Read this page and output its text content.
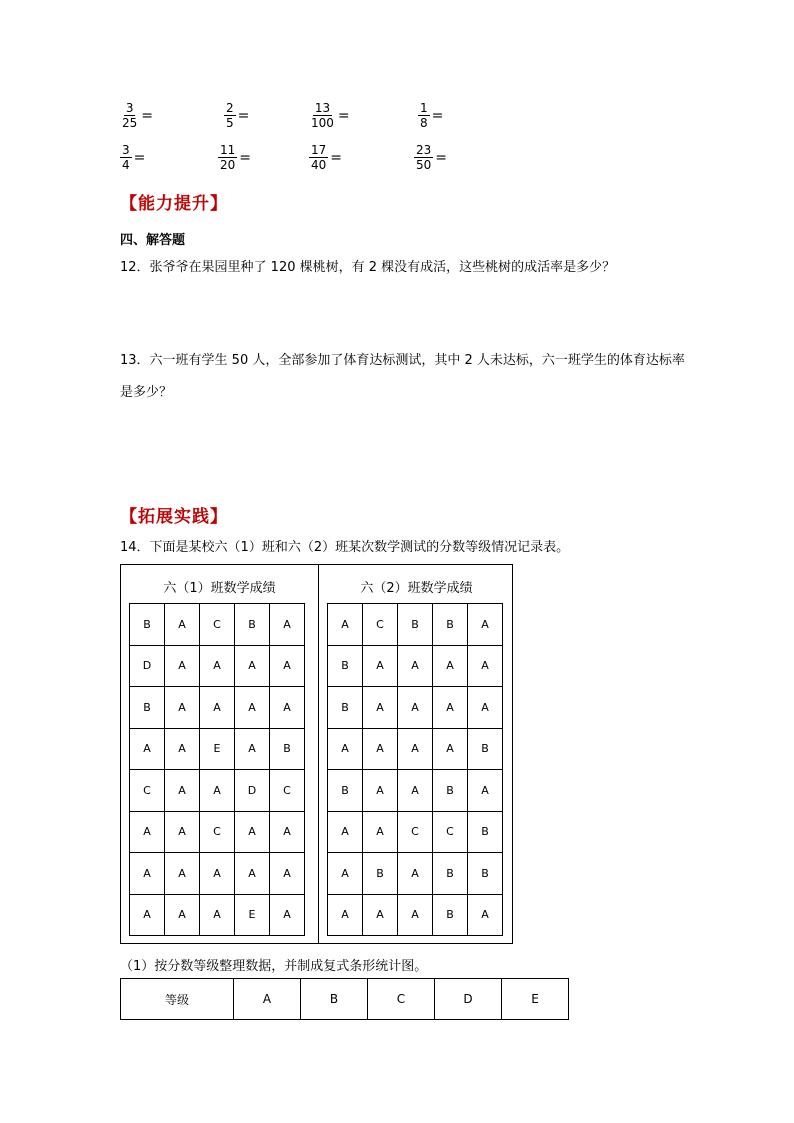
$\frac{3}{25}$ =	$\frac{2}{5}$ =	$\frac{13}{100}$ =	$\frac{1}{8}$ =
$\frac{3}{4}$ =	$\frac{11}{20}$ =	$\frac{17}{40}$ =	$\frac{23}{50}$ =
【能力提升】
四、解答题
12．张爷爷在果园里种了 120 棵桃树，有 2 棵没有成活，这些桃树的成活率是多少？
13．六一班有学生 50 人，全部参加了体育达标测试，其中 2 人未达标，六一班学生的体育达标率是多少？
【拓展实践】
14．下面是某校六（1）班和六（2）班某次数学测试的分数等级情况记录表。
六（1）班数学成绩	六（2）班数学成绩
B	A	C	B	A
D	A	A	A	A
B	A	A	A	A
A	A	E	A	B
C	A	A	D	C
A	A	C	A	A
A	A	A	A	A
A	A	A	E	A
A	C	B	B	A
B	A	A	A	A
B	A	A	A	A
A	A	A	A	B
B	A	A	B	A
A	A	C	C	B
A	B	A	B	B
A	A	A	B	A
（1）按分数等级整理数据，并制成复式条形统计图。
等级	A	B	C	D	E
